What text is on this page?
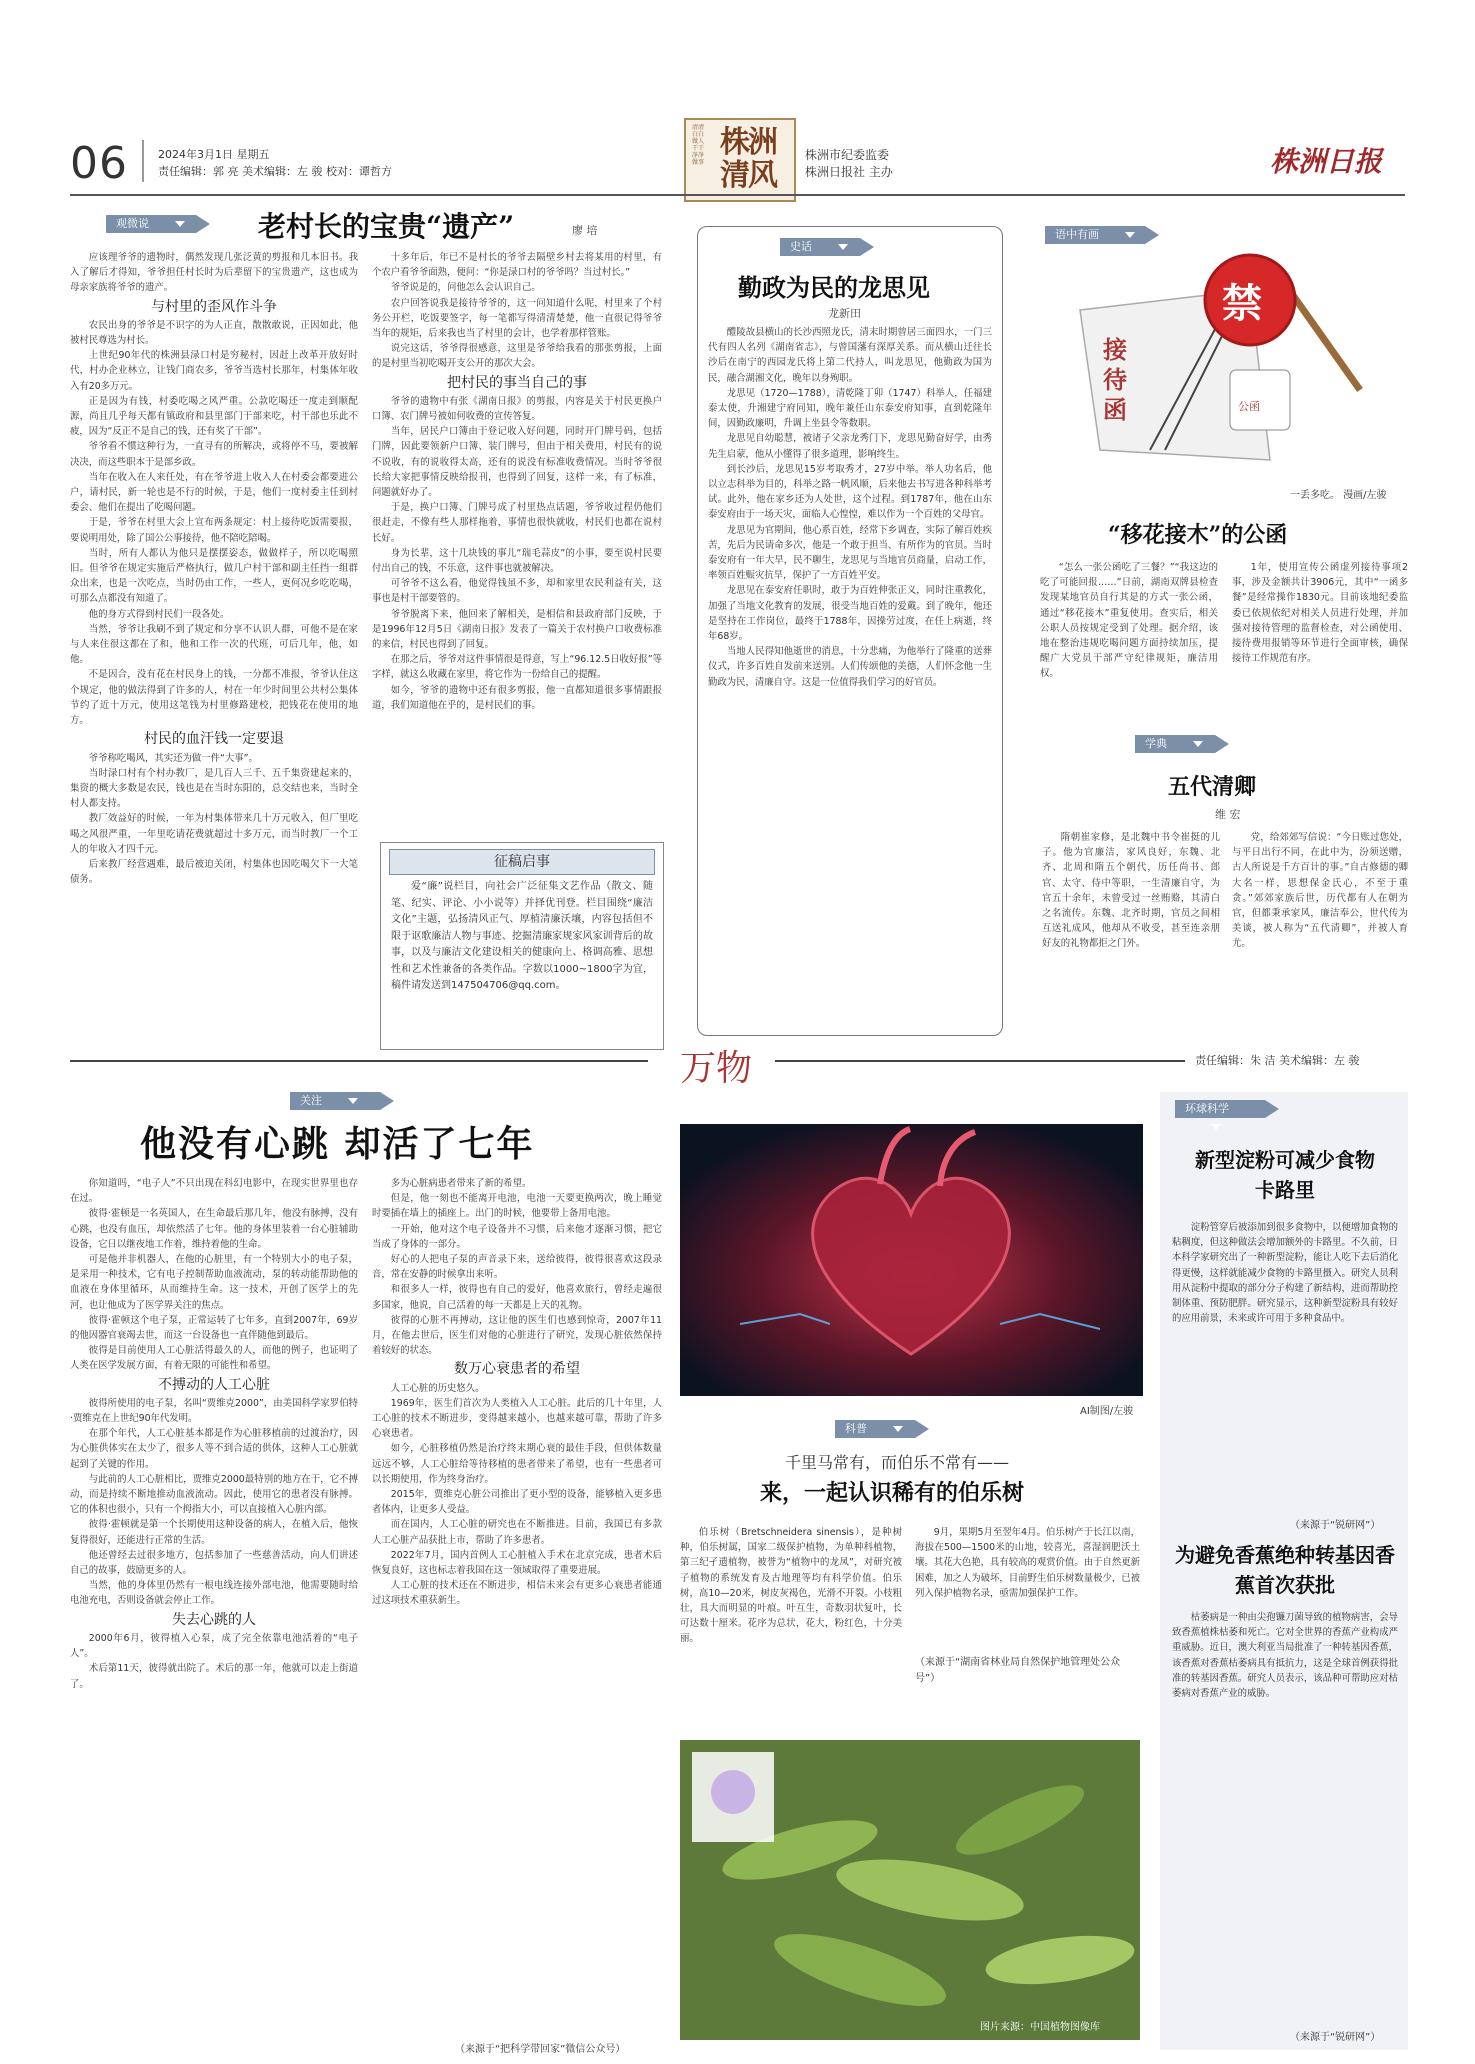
06	2024年3月1日 星期五
责任编辑：郭 亮 美术编辑：左 骏 校对：谭哲方
清清白白做人 干干净净做事
株洲清风
株洲市纪委监委
株洲日报社 主办	株洲日报
观微说	老村长的宝贵“遗产”	廖 培

应该理爷爷的遗物时，偶然发现几张泛黄的剪报和几本旧书。我入了解后才得知，爷爷担任村长时为后辈留下的宝贵遗产，这也成为母亲家族将爷爷的遗产。

与村里的歪风作斗争

农民出身的爷爷是不识字的为人正直，散散敢说，正因如此，他被村民尊选为村长。

上世纪90年代的株洲县渌口村是穷秘村，因赶上改革开放好时代，村办企业林立，让钱门商农多，爷爷当选村长那年，村集体年收入有20多万元。

正是因为有钱，村委吃喝之风严重。公款吃喝还一度走到顺配源，尚且几乎每天都有镇政府和县里部门干部来吃，村干部也乐此不疲，因为“反正不是自己的钱，还有奖了干部”。

爷爷看不惯这种行为，一直寻有的所解决，或将停不马，要被解决决，而这些职本于是部乡政。

当年在收入在人来任处，有在爷爷进上收入人在村委会都要进公户，请村民，新一轮也是不行的时候，于是，他们一度村委主任到村委会、他们在提出了吃喝问题。

于是，爷爷在村里大会上宣布两条规定：村上接待吃饭需要报，要说明用处，除了国公公事接待，他不陪吃陪喝。

当时，所有人都认为他只是摆摆姿态，做做样子，所以吃喝照旧。但爷爷在规定实施后严格执行，做几户村干部和副主任挡一组群众出来，也是一次吃点，当时仍由工作，一些人，更何况乡吃吃喝，可那么点都没有知道了。

他的身方式得到村民们一段各处。

当然，爷爷让我刷不到了规定和分享不认识人群，可他不是在家与人来住很这都在了和，他和工作一次的代班，可后几年，他，如他。

不是因合，没有花在村民身上的钱，一分都不准报，爷爷认住这个规定，他的做法得到了许多的人，村在一年少时间里公共村公集体节约了近十万元，使用这笔钱为村里修路建校，把钱花在使用的地方。

村民的血汗钱一定要退

爷爷称吃喝风，其实还为做一件“大事”。

当时渌口村有个村办教厂，是几百人三千、五千集资建起来的，集资的概大多数是农民，钱也是在当时东阳的，总交结也来，当时全村人都支持。

教厂效益好的时候，一年为村集体带来几十万元收入，但厂里吃喝之风很严重，一年里吃请花费就超过十多万元，而当时教厂一个工人的年收入才四千元。

后来教厂经营遇难，最后被迫关闭，村集体也因吃喝欠下一大笔债务。

十多年后，年已不是村长的爷爷去隔壁乡村去将某用的村里，有个农户看爷爷面熟，便问：“你是渌口村的爷爷吗？当过村长。”

爷爷说是的，问他怎么会认识自己。

农户回答说我是接待爷爷的，这一问知道什么呢，村里来了个村务公开栏，吃饭要签字，每一笔都写得清清楚楚，他一直很记得爷爷当年的规矩，后来我也当了村里的会计，也学着那样管账。

说完这话，爷爷得很感意，这里是爷爷给我看的那张剪报，上面的是村里当初吃喝开支公开的那次大会。

把村民的事当自己的事

爷爷的遗物中有张《湖南日报》的剪报，内容是关于村民更换户口簿、农门牌号被如何收费的宣传答复。

当年，居民户口簿由于登记收入好问题，同时开门牌号码，包括门牌，因此要领新户口簿、装门牌号，但由于相关费用，村民有的说不说收，有的说收得太高，还有的说没有标准收费情况。当时爷爷很长给大家把事情反映给报刊，也得到了回复，这样一来，有了标准，问题就好办了。

于是，换户口簿、门牌号成了村里热点话题，爷爷收过程仍他们很赶走，不像有些人那样拖着，事情也很快就收，村民们也都在说村长好。

身为长辈，这十几块钱的事儿“瑞毛蒜皮”的小事，要至说村民要付出自己的钱，不乐意，这件事也就被解决。

可爷爷不这么看，他觉得钱虽不多，却和家里农民利益有关，这事也是村干部要管的。

爷爷脱离下来，他回来了解相关，是相信和县政府部门反映，于是1996年12月5日《湖南日报》发表了一篇关于农村换户口收费标准的来信，村民也得到了回复。

在那之后，爷爷对这件事情很是得意，写上“96.12.5日收好报”等字样，就这么收藏在家里，将它作为一份给自己的提醒。

如今，爷爷的遗物中还有很多剪报，他一直都知道很多事情跟报道，我们知道他在乎的，是村民们的事。

征稿启事
爱“廉”说栏目，向社会广泛征集文艺作品（散文、随笔、纪实、评论、小小说等）并择优刊登。栏目围绕“廉洁文化”主题，弘扬清风正气、厚植清廉沃壤，内容包括但不限于讴歌廉洁人物与事迹、挖掘清廉家规家风家训背后的故事，以及与廉洁文化建设相关的健康向上、格调高雅、思想性和艺术性兼备的各类作品。字数以1000~1800字为宜，稿件请发送到147504706@qq.com。
史话
勤政为民的龙思见
龙新田

醴陵故县横山的长沙西照龙氏，清末时期曾居三面四水，一门三代有四人名列《湖南省志》，与曾国藩有深厚关系。而从横山迁往长沙后在南宁的西园龙氏将上第二代持人，叫龙思见，他勤政为国为民，融合湖湘文化，晚年以身殉职。

龙思见（1720—1788），清乾隆丁卯（1747）科举人，任福建泰太使，升湘建宁府同知，晚年兼任山东泰安府知事，直到乾隆年间，因勤政廉明，升调上坐县令等数职。

龙思见自幼聪慧，被诸子父亲龙秀门下，龙思见勤奋好学，由秀先生启蒙，他从小懂得了很多道理，影响终生。

到长沙后，龙思见15岁考取秀才，27岁中举。举人功名后，他以立志科举为目的，科举之路一帆风顺，后来他去书写进各种科举考试。此外，他在家乡还为人处世，这个过程。到1787年，他在山东泰安府由于一场天灾，面临人心惶惶，难以作为一个百姓的父母官。

龙思见为官期间，他心系百姓，经常下乡调查，实际了解百姓疾苦，先后为民请命多次，他是一个敢于担当、有所作为的官员。当时泰安府有一年大旱，民不聊生，龙思见与当地官员商量，启动工作，率领百姓赈灾抗旱，保护了一方百姓平安。

龙思见在泰安府任职时，敢于为百姓伸张正义，同时注重教化，加强了当地文化教育的发展，很受当地百姓的爱戴。到了晚年，他还是坚持在工作岗位，最终于1788年，因操劳过度，在任上病逝，终年68岁。

当地人民得知他逝世的消息，十分悲痛，为他举行了隆重的送葬仪式，许多百姓自发前来送别。人们传颂他的美德，人们怀念他一生勤政为民，清廉自守。这是一位值得我们学习的好官员。

语中有画
禁
接待函	公函
一丢多吃。 漫画/左骏
“移花接木”的公函

“怎么一张公函吃了三餐？”“我这边的吃了可能回报……”日前，湖南双牌县检查发现某地官员自行其是的方式一张公函，通过“移花接木”重复使用。查实后，相关公职人员按规定受到了处理。据介绍，该地在整治违规吃喝问题方面持续加压，提醒广大党员干部严守纪律规矩，廉洁用权。

1年，使用宣传公函虚列接待事项2事，涉及金额共计3906元，其中“一函多餐”是经常操作1830元。目前该地纪委监委已依规依纪对相关人员进行处理，并加强对接待管理的监督检查，对公函使用、接待费用报销等环节进行全面审核，确保接待工作规范有序。

学典
五代清卿
维 宏

隋朝崔家修，是北魏中书令崔挺的儿子。他为官廉洁，家风良好，东魏、北齐、北周和隋五个朝代，历任尚书、郎官、太守、侍中等职，一生清廉自守，为官五十余年，未曾受过一丝贿赂，其清白之名流传。东魏、北齐时期，官员之间相互送礼成风，他却从不收受，甚至连亲朋好友的礼物都拒之门外。

党，给郊郊写信说：“今日账过您处，与平日出行不同，在此中为，汾须送赠，古人所说是千方百计的事。”自古修德的卿大名一样，思想保金氏心，不至于重贪。”郊郊家族后世，历代都有人在朝为官，但都秉承家风，廉洁奉公，世代传为美谈，被人称为“五代清卿”，并被人育尤。

万物	责任编辑：朱 洁 美术编辑：左 骏
关注
他没有心跳 却活了七年

你知道吗，“电子人”不只出现在科幻电影中，在现实世界里也存在过。

彼得·霍顿是一名英国人，在生命最后那几年，他没有脉搏，没有心跳，也没有血压，却依然活了七年。他的身体里装着一台心脏辅助设备，它日以继夜地工作着，维持着他的生命。

可是他并非机器人，在他的心脏里，有一个特别大小的电子泵，是采用一种技术，它有电子控制帮助血液流动，泵的转动能帮助他的血液在身体里循环，从而维持生命。这一技术，开创了医学上的先河，也让他成为了医学界关注的焦点。

彼得·霍顿这个电子泵，正常运转了七年多，直到2007年，69岁的他因器官衰竭去世，而这一台设备也一直伴随他到最后。

彼得是目前使用人工心脏活得最久的人，而他的例子，也证明了人类在医学发展方面，有着无限的可能性和希望。

不搏动的人工心脏

彼得所使用的电子泵，名叫“贾维克2000”，由美国科学家罗伯特·贾维克在上世纪90年代发明。

在那个年代，人工心脏基本都是作为心脏移植前的过渡治疗，因为心脏供体实在太少了，很多人等不到合适的供体，这种人工心脏就起到了关键的作用。

与此前的人工心脏相比，贾维克2000最特别的地方在于，它不搏动，而是持续不断地推动血液流动。因此，使用它的患者没有脉搏。它的体积也很小，只有一个拇指大小，可以直接植入心脏内部。

彼得·霍顿就是第一个长期使用这种设备的病人，在植入后，他恢复得很好，还能进行正常的生活。

他还曾经去过很多地方，包括参加了一些慈善活动，向人们讲述自己的故事，鼓励更多的人。

当然，他的身体里仍然有一根电线连接外部电池，他需要随时给电池充电，否则设备就会停止工作。

失去心跳的人

2000年6月，彼得植入心泵，成了完全依靠电池活着的“电子人”。

术后第11天，彼得就出院了。术后的那一年，他就可以走上街道了。

多为心脏病患者带来了新的希望。

但是，他一刻也不能离开电池，电池一天要更换两次，晚上睡觉时要插在墙上的插座上。出门的时候，他要带上备用电池。

一开始，他对这个电子设备并不习惯，后来他才逐渐习惯，把它当成了身体的一部分。

好心的人把电子泵的声音录下来，送给彼得，彼得很喜欢这段录音，常在安静的时候拿出来听。

和很多人一样，彼得也有自己的爱好，他喜欢旅行，曾经走遍很多国家，他说，自己活着的每一天都是上天的礼物。

彼得的心脏不再搏动，这让他的医生们也感到惊奇，2007年11月，在他去世后，医生们对他的心脏进行了研究，发现心脏依然保持着较好的状态。

数万心衰患者的希望

人工心脏的历史悠久。

1969年，医生们首次为人类植入人工心脏。此后的几十年里，人工心脏的技术不断进步，变得越来越小，也越来越可靠，帮助了许多心衰患者。

如今，心脏移植仍然是治疗终末期心衰的最佳手段，但供体数量远远不够，人工心脏给等待移植的患者带来了希望，也有一些患者可以长期使用，作为终身治疗。

2015年，贾维克心脏公司推出了更小型的设备，能够植入更多患者体内，让更多人受益。

而在国内，人工心脏的研究也在不断推进。目前，我国已有多款人工心脏产品获批上市，帮助了许多患者。

2022年7月，国内首例人工心脏植入手术在北京完成，患者术后恢复良好，这也标志着我国在这一领域取得了重要进展。

人工心脏的技术还在不断进步，相信未来会有更多心衰患者能通过这项技术重获新生。

（来源于“把科学带回家”微信公众号）
AI制图/左骏
科普
千里马常有，而伯乐不常有——
来，一起认识稀有的伯乐树

伯乐树（Bretschneidera sinensis），是种树种，伯乐树属，国家二级保护植物，为单种科植物，第三纪孑遗植物，被誉为“植物中的龙凤”，对研究被子植物的系统发育及古地理等均有科学价值。伯乐树，高10—20米，树皮灰褐色，光滑不开裂。小枝粗壮，具大而明显的叶痕。叶互生，奇数羽状复叶，长可达数十厘米。花序为总状，花大，粉红色，十分美丽。

9月，果期5月至翌年4月。伯乐树产于长江以南，海拔在500—1500米的山地，较喜光，喜湿润肥沃土壤。其花大色艳，具有较高的观赏价值。由于自然更新困难，加之人为破坏，目前野生伯乐树数量极少，已被列入保护植物名录，亟需加强保护工作。

（来源于“湖南省林业局自然保护地管理处公众号”）
图片来源：中国植物图像库
环球科学
新型淀粉可减少食物卡路里

淀粉管穿后被添加到很多食物中，以便增加食物的粘稠度，但这种做法会增加额外的卡路里。不久前，日本科学家研究出了一种新型淀粉，能让人吃下去后消化得更慢，这样就能减少食物的卡路里摄入。研究人员利用从淀粉中提取的部分分子构建了新结构，进而帮助控制体重、预防肥胖。研究显示，这种新型淀粉具有较好的应用前景，未来或许可用于多种食品中。

（来源于“锐研网”）
为避免香蕉绝种转基因香蕉首次获批

枯萎病是一种由尖孢镰刀菌导致的植物病害，会导致香蕉植株枯萎和死亡。它对全世界的香蕉产业构成严重威胁。近日，澳大利亚当局批准了一种转基因香蕉，该香蕉对香蕉枯萎病具有抵抗力，这是全球首例获得批准的转基因香蕉。研究人员表示，该品种可帮助应对枯萎病对香蕉产业的威胁。

（来源于“锐研网”）
